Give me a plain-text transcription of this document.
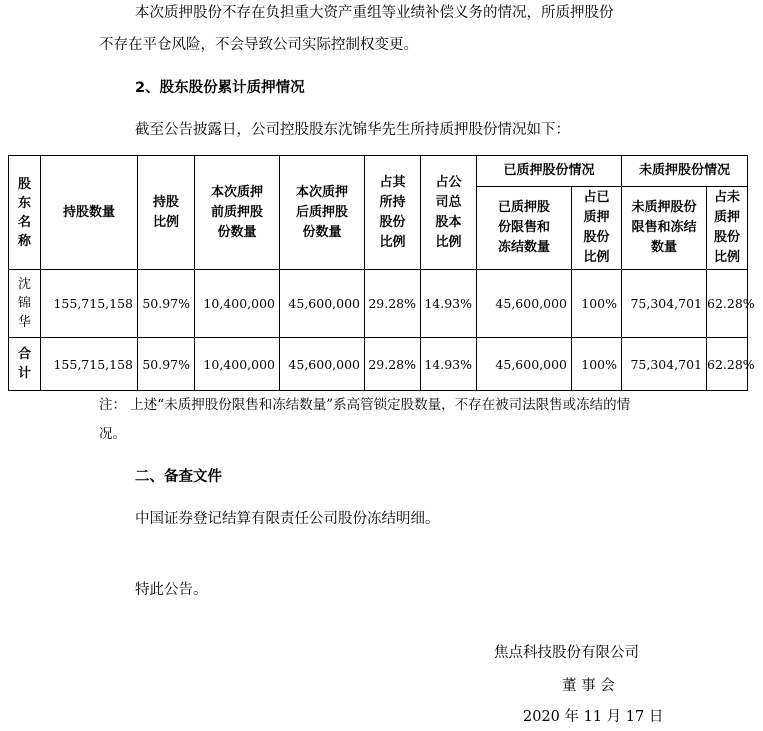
本次质押股份不存在负担重大资产重组等业绩补偿义务的情况，所质押股份
不存在平仓风险，不会导致公司实际控制权变更。
2、股东股份累计质押情况
截至公告披露日，公司控股股东沈锦华先生所持质押股份情况如下：
股东名称	持股数量	持股比例	本次质押前质押股份数量	本次质押后质押股份数量	占其所持股份比例	占公司总股本比例	已质押股份情况		未质押股份情况	

							已质押股份限售和冻结数量	占已质押股份比例	未质押股份限售和冻结数量	占未质押股份比例

沈锦华	155,715,158	50.97%	10,400,000	45,600,000	29.28%	14.93%	45,600,000	100%	75,304,701	62.28%

合计	155,715,158	50.97%	10,400,000	45,600,000	29.28%	14.93%	45,600,000	100%	75,304,701	62.28%
注： 上述“未质押股份限售和冻结数量”系高管锁定股数量，不存在被司法限售或冻结的情
况。
二、备查文件
中国证券登记结算有限责任公司股份冻结明细。
特此公告。
焦点科技股份有限公司
董 事 会
2020 年 11 月 17 日
